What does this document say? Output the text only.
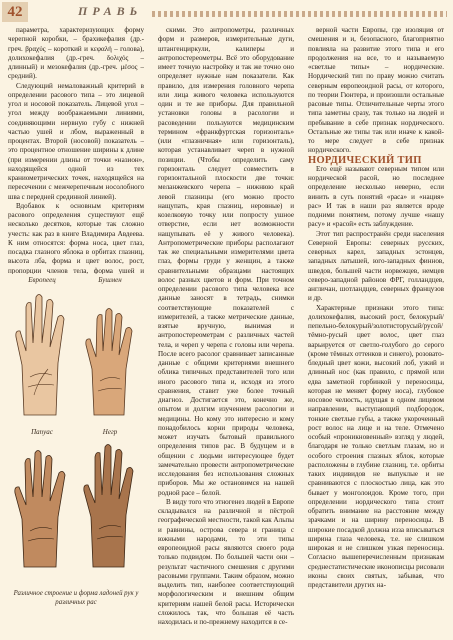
42	ПРАВЬ

параметра, характеризующих форму черепной коробки, – брахикефалия (др.-греч. βραχύς – короткий и κεφαλή – голова), долихокефалия (др.-греч. δολιχός – длинный) и мезокефалия (др.-греч. μέσος – средний).

Следующий немаловажный критерий в определении расового типа – это лицевой угол и носовой показатель. Лицевой угол – угол между воображаемыми линиями, соединяющими нервную губу с нижней частью ушей и лбом, выраженный в процентах. Второй (носовой) показатель – это процентное отношение ширины к длине (при измерении длины от точки «назион», находящейся одной из тех краниометрических точек, находящейся на пересечении с межчерепечным носолобного шва с передней срединной линией).

Вдобавок к основным критериям расового определения существуют ещё несколько десятков, которые так сложно учесть: как раз в книге Владимира Авдеева. К ним относятся: форма носа, цвет глаз, посадка глазного яблока в орбитах глазниц, высота лба, форма и цвет волос, рост, пропорции членов тела, форма ушей и

Европеец	Бушмен
Папуас	Негр
Различное строение и форма ладоней рук у различных рас

скими. Это антропометры, различных форм и размеров, измерительные дуги, штангенциркули, калиперы и антропостереометры. Всё это оборудование имеет точную настройку и так же точно оно определяет нужные нам показатели. Как правило, для измерения головного черепа или лица живого человека используются один и те же приборы. Для правильной установки головы в расологии и расоведении пользуются медицинским термином «франкфуртская горизонталь» (или «глазничная» или горизонталь), которая устанавливает череп в нужной позиции. (Чтобы определить саму горизонталь следует совместить в горизонтальной плоскости две точки: меланжевского черепа – нижнюю край левой глазницы (его можно просто нащупать, края глазниц, неровные) и козелковую точку или попросту ушное отверстие, если нет возможности нащупывать её у живого человека). Антропометрические приборы располагают так же специальными измерителями цвета глаз, формы груди у женщин, а также сравнительными образцами настоящих волос разных цветов и форм. При точном определении расового типа человека все данные заносят в тетрадь, снимки соответствующие показателей с измерителей, а также метрические данные, взятые вручную, вынимая и антропостереометрам с различных частей тела, и череп у черепа с головы или черепа. После всего расолог сравнивает записанные данные с общими критериями внешнего облика типичных представителей того или иного расового типа и, исходя из этого сравнения, ставит уже более точный диагноз. Достигается это, конечно же, опытом и долгим изучением расологии и медицины. Но кому это интересно и кому понадобилось корни природы человека, может изучать бытовый правильного определения типов рас. В будущем и в общении с людьми интересующее будет замечательно провести антропометрические исследования без использования сложных приборов. Мы же остановимся на нашей родной расе – белой.

В виду того что этногенез людей в Европе складывался на различной и пёстрой географической местности, такой как Альпы и равнины, острова севера и граница с южными народами, то эти типы европеоидной расы являются своего рода только подвидом. По большей части они – результат частичного смешения с другими расовыми группами. Таким образом, можно выделить тип, наиболее соответствующий морфологическим и внешним общим критериям нашей белой расы. Исторически сложилось так, что большая её часть находилась и по-прежнему находится в се-

верной части Европы, где изоляция от смешения и и, безопасного, благоприятно повлияла на развитие этого типа и его продолжения на все, то и называемую «светлые типы» – нордические. Нордический тип по праву можно считать северным европеоидной расы, от которого, по теории Гюнтера, и произошли остальные расовые типы. Отличительные черты этого типа заметны сразу, так только на людей и пребывание в себе признак нордического. Остальные же типы так или иначе к какой-то мере следует в себе признак нордического.

НОРДИЧЕСКИЙ ТИП

Его ещё называют северным типом или нордической расой, но последнее определение несколько неверно, если винить в суть понятий «раса» и «нация» рас» И так в наши раз является вроде подними понятием, потому лучше «нашу расу» и «расой» есть заблуждение.

Этот тип распространён среди населения Северной Европы: северных русских, северных карел, западных эстонцев, западных латышей, юго-западных финнов, шведов, большей части норвежцев, немцев северо-западной районов ФРГ, голландцев, англичан, шотландцев, северных французов и др.

Характерные признаки этого типа: долихокефалия, высокий рост, белокурый/пепельно-белокурый/золотисторусый/русой/тёмно-русый цвет волос, цвет глаз варьируется от светло-голубого до серого (кроме тёмных оттенков и синего), розовато-бледный цвет кожи, высокий лоб, узкий и длинный нос (как правило, с прямой или едва заметной горбинкой у переносицы, которая не меняет форму носа), глубокое носовое челюсть, идущая в одном лицевом направлении, выступающий подбородок, тонкие светлые губы, а также укороченный рост волос на лице и на теле. Отмечено особый «проникновенный» взгляд у людей, благодаря не только светлым глазам, но и особого строения глазных яблок, которые расположены в глубине глазниц, т.е. орбиты таких индивидов не выпуклые и не сравниваются с плоскостью лица, как это бывает у монголоидов. Кроме того, при определении нордического типа стоит обратить внимание на расстояние между зрачками и на ширину переносицы. В широкие посадкой должна изза вписываться ширина глаза человека, т.е. не слишком широкая и не слишком узкая переносица. Согласно вышеперечисленным признакам среднестатистические иконописцы рисовали иконы своих святых, забывая, что представители других на-
